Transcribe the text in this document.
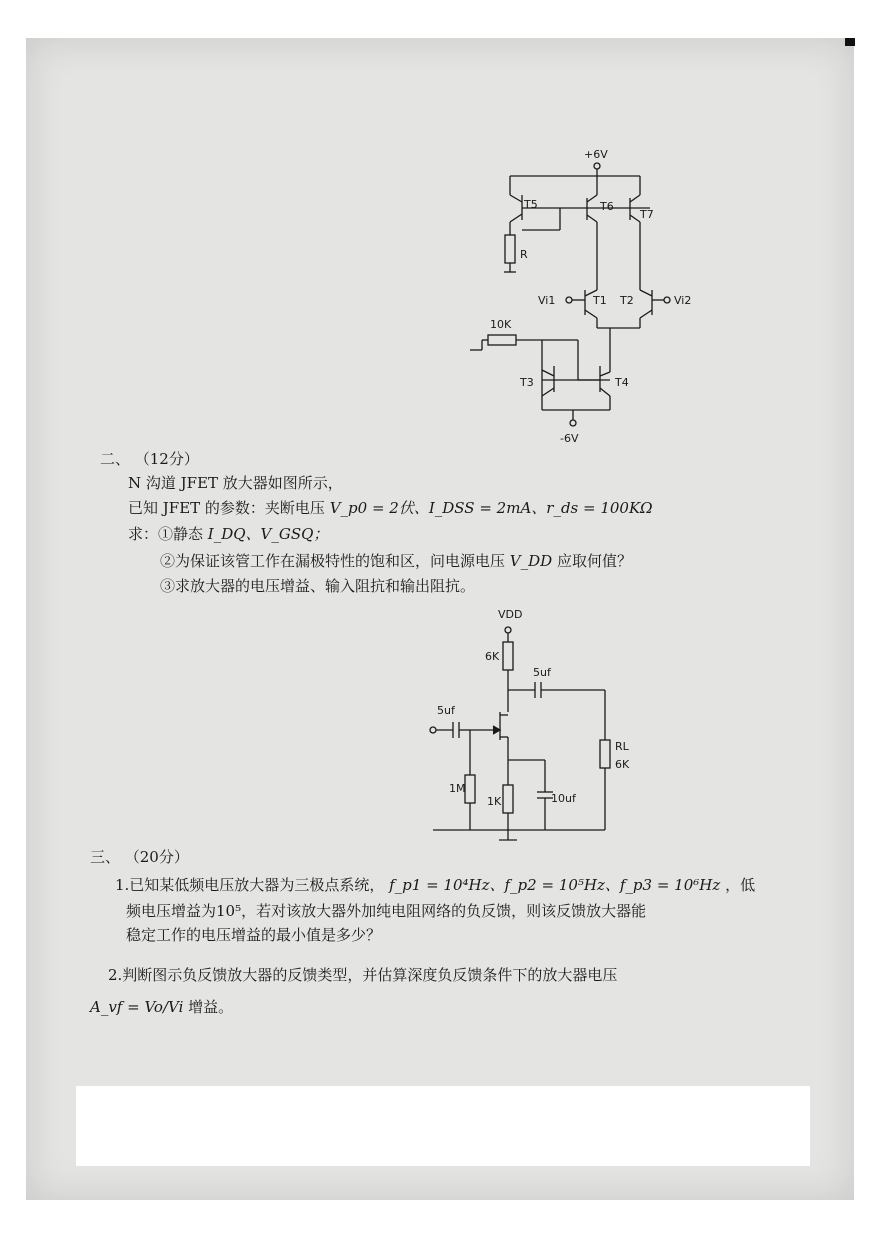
+6V
T5
R
T6
T7
Vi1	T1	Vi2
T2
10K
T3	T4
-6V
二、 （12分）
N 沟道 JFET 放大器如图所示，
已知 JFET 的参数：夹断电压 V_p0 = 2伏、I_DSS = 2mA、r_ds = 100KΩ
求：①静态 I_DQ、V_GSQ；
②为保证该管工作在漏极特性的饱和区，问电源电压 V_DD 应取何值？
③求放大器的电压增益、输入阻抗和输出阻抗。
VDD
6K
5uf
RL
6K
5uf
1M
10uf
1K
三、 （20分）
1.已知某低频电压放大器为三极点系统， f_p1 = 10⁴Hz、f_p2 = 10⁵Hz、f_p3 = 10⁶Hz ，低
频电压增益为10⁵，若对该放大器外加纯电阻网络的负反馈，则该反馈放大器能
稳定工作的电压增益的最小值是多少？
2.判断图示负反馈放大器的反馈类型，并估算深度负反馈条件下的放大器电压
A_vf = Vo/Vi 增益。
